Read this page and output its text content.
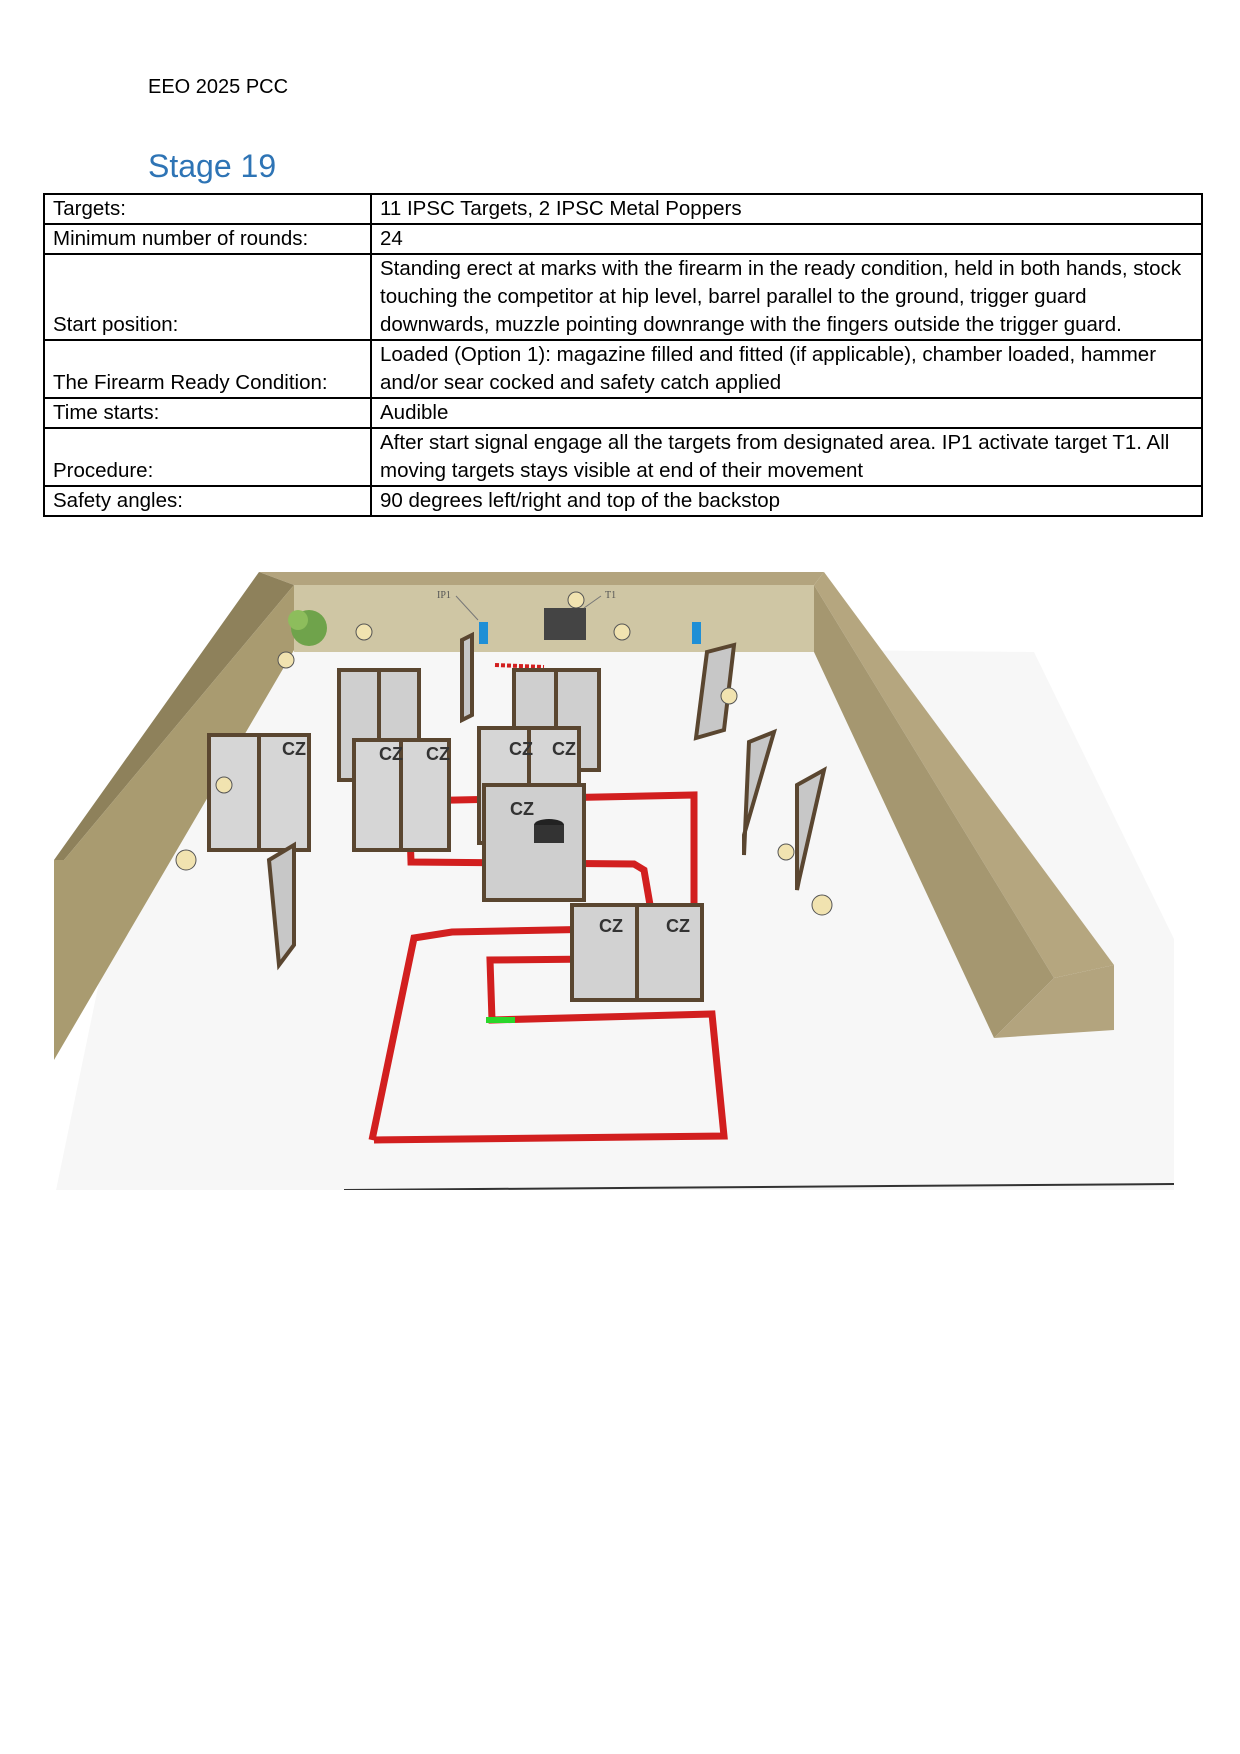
EEO 2025 PCC
Stage 19
Targets:	11 IPSC Targets, 2 IPSC Metal Poppers
Minimum number of rounds:	24
Start position:	Standing erect at marks with the firearm in the ready condition, held in both hands, stock touching the competitor at hip level, barrel parallel to the ground, trigger guard downwards, muzzle pointing downrange with the fingers outside the trigger guard.
The Firearm Ready Condition:	Loaded (Option 1): magazine filled and fitted (if applicable), chamber loaded, hammer and/or sear cocked and safety catch applied
Time starts:	Audible
Procedure:	After start signal engage all the targets from designated area. IP1 activate target T1. All moving targets stays visible at end of their movement
Safety angles:	90 degrees left/right and top of the backstop
CZ	CZ CZ	CZ CZ
CZ
CZ CZ
IP1	T1
